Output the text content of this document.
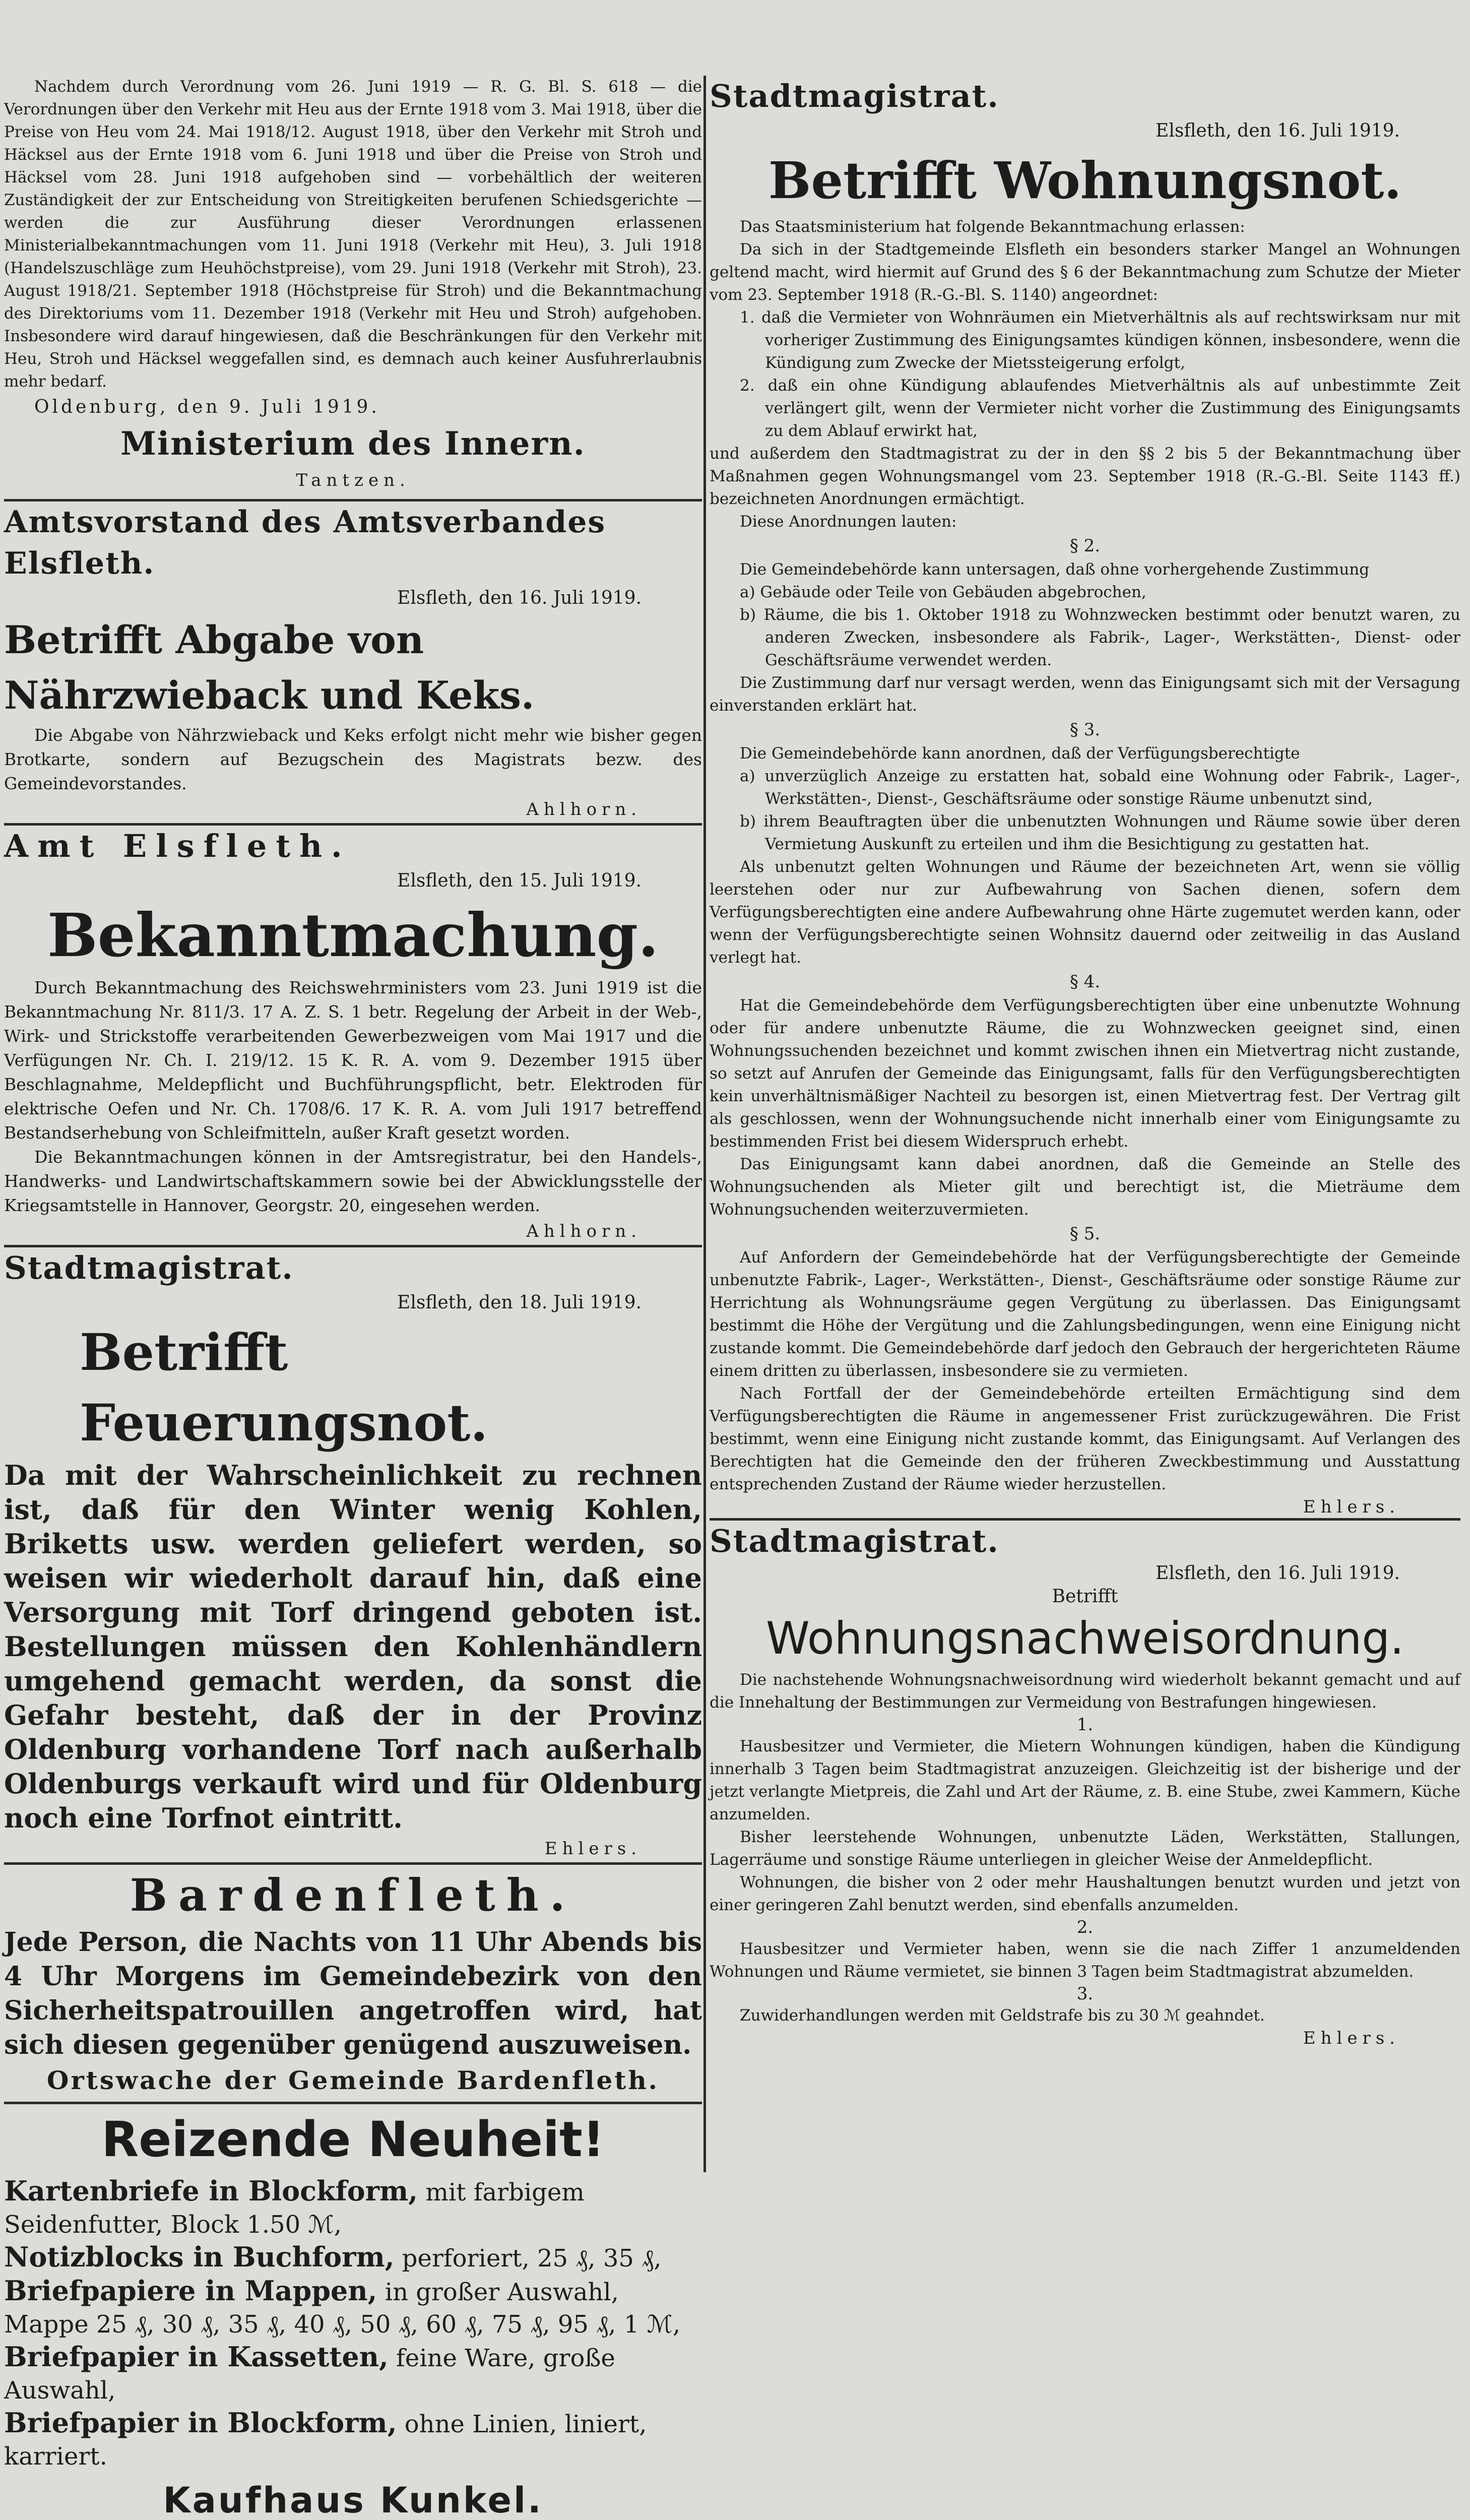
Nachdem durch Verordnung vom 26. Juni 1919 — R. G. Bl. S. 618 — die Verordnungen über den Verkehr mit Heu aus der Ernte 1918 vom 3. Mai 1918, über die Preise von Heu vom 24. Mai 1918/12. August 1918, über den Verkehr mit Stroh und Häcksel aus der Ernte 1918 vom 6. Juni 1918 und über die Preise von Stroh und Häcksel vom 28. Juni 1918 aufgehoben sind — vorbehältlich der weiteren Zuständigkeit der zur Entscheidung von Streitigkeiten berufenen Schiedsgerichte — werden die zur Ausführung dieser Verordnungen erlassenen Ministerialbekanntmachungen vom 11. Juni 1918 (Verkehr mit Heu), 3. Juli 1918 (Handelszuschläge zum Heuhöchstpreise), vom 29. Juni 1918 (Verkehr mit Stroh), 23. August 1918/21. September 1918 (Höchstpreise für Stroh) und die Bekanntmachung des Direktoriums vom 11. Dezember 1918 (Verkehr mit Heu und Stroh) aufgehoben. Insbesondere wird darauf hingewiesen, daß die Beschränkungen für den Verkehr mit Heu, Stroh und Häcksel weggefallen sind, es demnach auch keiner Ausfuhrerlaubnis mehr bedarf.

Oldenburg, den 9. Juli 1919.

Ministerium des Innern.

Tantzen.

Amtsvorstand des Amtsverbandes Elsfleth.

Elsfleth, den 16. Juli 1919.

Betrifft Abgabe von Nährzwieback und Keks.

Die Abgabe von Nährzwieback und Keks erfolgt nicht mehr wie bisher gegen Brotkarte, sondern auf Bezugschein des Magistrats bezw. des Gemeindevorstandes.

Ahlhorn.

Amt Elsfleth.

Elsfleth, den 15. Juli 1919.

Bekanntmachung.

Durch Bekanntmachung des Reichswehrministers vom 23. Juni 1919 ist die Bekanntmachung Nr. 811/3. 17 A. Z. S. 1 betr. Regelung der Arbeit in der Web-, Wirk- und Strickstoffe verarbeitenden Gewerbezweigen vom Mai 1917 und die Verfügungen Nr. Ch. I. 219/12. 15 K. R. A. vom 9. Dezember 1915 über Beschlagnahme, Meldepflicht und Buchführungspflicht, betr. Elektroden für elektrische Oefen und Nr. Ch. 1708/6. 17 K. R. A. vom Juli 1917 betreffend Bestandserhebung von Schleifmitteln, außer Kraft gesetzt worden.

Die Bekanntmachungen können in der Amtsregistratur, bei den Handels-, Handwerks- und Landwirtschaftskammern sowie bei der Abwicklungsstelle der Kriegsamtstelle in Hannover, Georgstr. 20, eingesehen werden.

Ahlhorn.

Stadtmagistrat.

Elsfleth, den 18. Juli 1919.

Betrifft Feuerungsnot.

Da mit der Wahrscheinlichkeit zu rechnen ist, daß für den Winter wenig Kohlen, Briketts usw. werden geliefert werden, so weisen wir wiederholt darauf hin, daß eine Versorgung mit Torf dringend geboten ist. Bestellungen müssen den Kohlenhändlern umgehend gemacht werden, da sonst die Gefahr besteht, daß der in der Provinz Oldenburg vorhandene Torf nach außerhalb Oldenburgs verkauft wird und für Oldenburg noch eine Torfnot eintritt.

Ehlers.

Bardenfleth.

Jede Person, die Nachts von 11 Uhr Abends bis 4 Uhr Morgens im Gemeindebezirk von den Sicherheitspatrouillen angetroffen wird, hat sich diesen gegenüber genügend auszuweisen.

Ortswache der Gemeinde Bardenfleth.

Reizende Neuheit!

Kartenbriefe in Blockform, mit farbigem Seidenfutter, Block 1.50 ℳ,

Notizblocks in Buchform, perforiert, 25 ₰, 35 ₰,

Briefpapiere in Mappen, in großer Auswahl, Mappe 25 ₰, 30 ₰, 35 ₰, 40 ₰, 50 ₰, 60 ₰, 75 ₰, 95 ₰, 1 ℳ,

Briefpapier in Kassetten, feine Ware, große Auswahl,

Briefpapier in Blockform, ohne Linien, liniert, karriert.

Kaufhaus Kunkel.

Stadtmagistrat.

Elsfleth, den 16. Juli 1919.

Betrifft Wohnungsnot.

Das Staatsministerium hat folgende Bekanntmachung erlassen:

Da sich in der Stadtgemeinde Elsfleth ein besonders starker Mangel an Wohnungen geltend macht, wird hiermit auf Grund des § 6 der Bekanntmachung zum Schutze der Mieter vom 23. September 1918 (R.-G.-Bl. S. 1140) angeordnet:

1. daß die Vermieter von Wohnräumen ein Mietverhältnis als auf rechtswirksam nur mit vorheriger Zustimmung des Einigungsamtes kündigen können, insbesondere, wenn die Kündigung zum Zwecke der Mietssteigerung erfolgt,

2. daß ein ohne Kündigung ablaufendes Mietverhältnis als auf unbestimmte Zeit verlängert gilt, wenn der Vermieter nicht vorher die Zustimmung des Einigungsamts zu dem Ablauf erwirkt hat,

und außerdem den Stadtmagistrat zu der in den §§ 2 bis 5 der Bekanntmachung über Maßnahmen gegen Wohnungsmangel vom 23. September 1918 (R.-G.-Bl. Seite 1143 ff.) bezeichneten Anordnungen ermächtigt.

Diese Anordnungen lauten:

§ 2.

Die Gemeindebehörde kann untersagen, daß ohne vorhergehende Zustimmung

a) Gebäude oder Teile von Gebäuden abgebrochen,

b) Räume, die bis 1. Oktober 1918 zu Wohnzwecken bestimmt oder benutzt waren, zu anderen Zwecken, insbesondere als Fabrik-, Lager-, Werkstätten-, Dienst- oder Geschäftsräume verwendet werden.

Die Zustimmung darf nur versagt werden, wenn das Einigungsamt sich mit der Versagung einverstanden erklärt hat.

§ 3.

Die Gemeindebehörde kann anordnen, daß der Verfügungsberechtigte

a) unverzüglich Anzeige zu erstatten hat, sobald eine Wohnung oder Fabrik-, Lager-, Werkstätten-, Dienst-, Geschäftsräume oder sonstige Räume unbenutzt sind,

b) ihrem Beauftragten über die unbenutzten Wohnungen und Räume sowie über deren Vermietung Auskunft zu erteilen und ihm die Besichtigung zu gestatten hat.

Als unbenutzt gelten Wohnungen und Räume der bezeichneten Art, wenn sie völlig leerstehen oder nur zur Aufbewahrung von Sachen dienen, sofern dem Verfügungsberechtigten eine andere Aufbewahrung ohne Härte zugemutet werden kann, oder wenn der Verfügungsberechtigte seinen Wohnsitz dauernd oder zeitweilig in das Ausland verlegt hat.

§ 4.

Hat die Gemeindebehörde dem Verfügungsberechtigten über eine unbenutzte Wohnung oder für andere unbenutzte Räume, die zu Wohnzwecken geeignet sind, einen Wohnungssuchenden bezeichnet und kommt zwischen ihnen ein Mietvertrag nicht zustande, so setzt auf Anrufen der Gemeinde das Einigungsamt, falls für den Verfügungsberechtigten kein unverhältnismäßiger Nachteil zu besorgen ist, einen Mietvertrag fest. Der Vertrag gilt als geschlossen, wenn der Wohnungsuchende nicht innerhalb einer vom Einigungsamte zu bestimmenden Frist bei diesem Widerspruch erhebt.

Das Einigungsamt kann dabei anordnen, daß die Gemeinde an Stelle des Wohnungsuchenden als Mieter gilt und berechtigt ist, die Mieträume dem Wohnungsuchenden weiterzuvermieten.

§ 5.

Auf Anfordern der Gemeindebehörde hat der Verfügungsberechtigte der Gemeinde unbenutzte Fabrik-, Lager-, Werkstätten-, Dienst-, Geschäftsräume oder sonstige Räume zur Herrichtung als Wohnungsräume gegen Vergütung zu überlassen. Das Einigungsamt bestimmt die Höhe der Vergütung und die Zahlungsbedingungen, wenn eine Einigung nicht zustande kommt. Die Gemeindebehörde darf jedoch den Gebrauch der hergerichteten Räume einem dritten zu überlassen, insbesondere sie zu vermieten.

Nach Fortfall der der Gemeindebehörde erteilten Ermächtigung sind dem Verfügungsberechtigten die Räume in angemessener Frist zurückzugewähren. Die Frist bestimmt, wenn eine Einigung nicht zustande kommt, das Einigungsamt. Auf Verlangen des Berechtigten hat die Gemeinde den der früheren Zweckbestimmung und Ausstattung entsprechenden Zustand der Räume wieder herzustellen.

Ehlers.

Stadtmagistrat.

Elsfleth, den 16. Juli 1919.

Betrifft

Wohnungsnachweisordnung.

Die nachstehende Wohnungsnachweisordnung wird wiederholt bekannt gemacht und auf die Innehaltung der Bestimmungen zur Vermeidung von Bestrafungen hingewiesen.

1.

Hausbesitzer und Vermieter, die Mietern Wohnungen kündigen, haben die Kündigung innerhalb 3 Tagen beim Stadtmagistrat anzuzeigen. Gleichzeitig ist der bisherige und der jetzt verlangte Mietpreis, die Zahl und Art der Räume, z. B. eine Stube, zwei Kammern, Küche anzumelden.

Bisher leerstehende Wohnungen, unbenutzte Läden, Werkstätten, Stallungen, Lagerräume und sonstige Räume unterliegen in gleicher Weise der Anmeldepflicht.

Wohnungen, die bisher von 2 oder mehr Haushaltungen benutzt wurden und jetzt von einer geringeren Zahl benutzt werden, sind ebenfalls anzumelden.

2.

Hausbesitzer und Vermieter haben, wenn sie die nach Ziffer 1 anzumeldenden Wohnungen und Räume vermietet, sie binnen 3 Tagen beim Stadtmagistrat abzumelden.

3.

Zuwiderhandlungen werden mit Geldstrafe bis zu 30 ℳ geahndet.

Ehlers.
